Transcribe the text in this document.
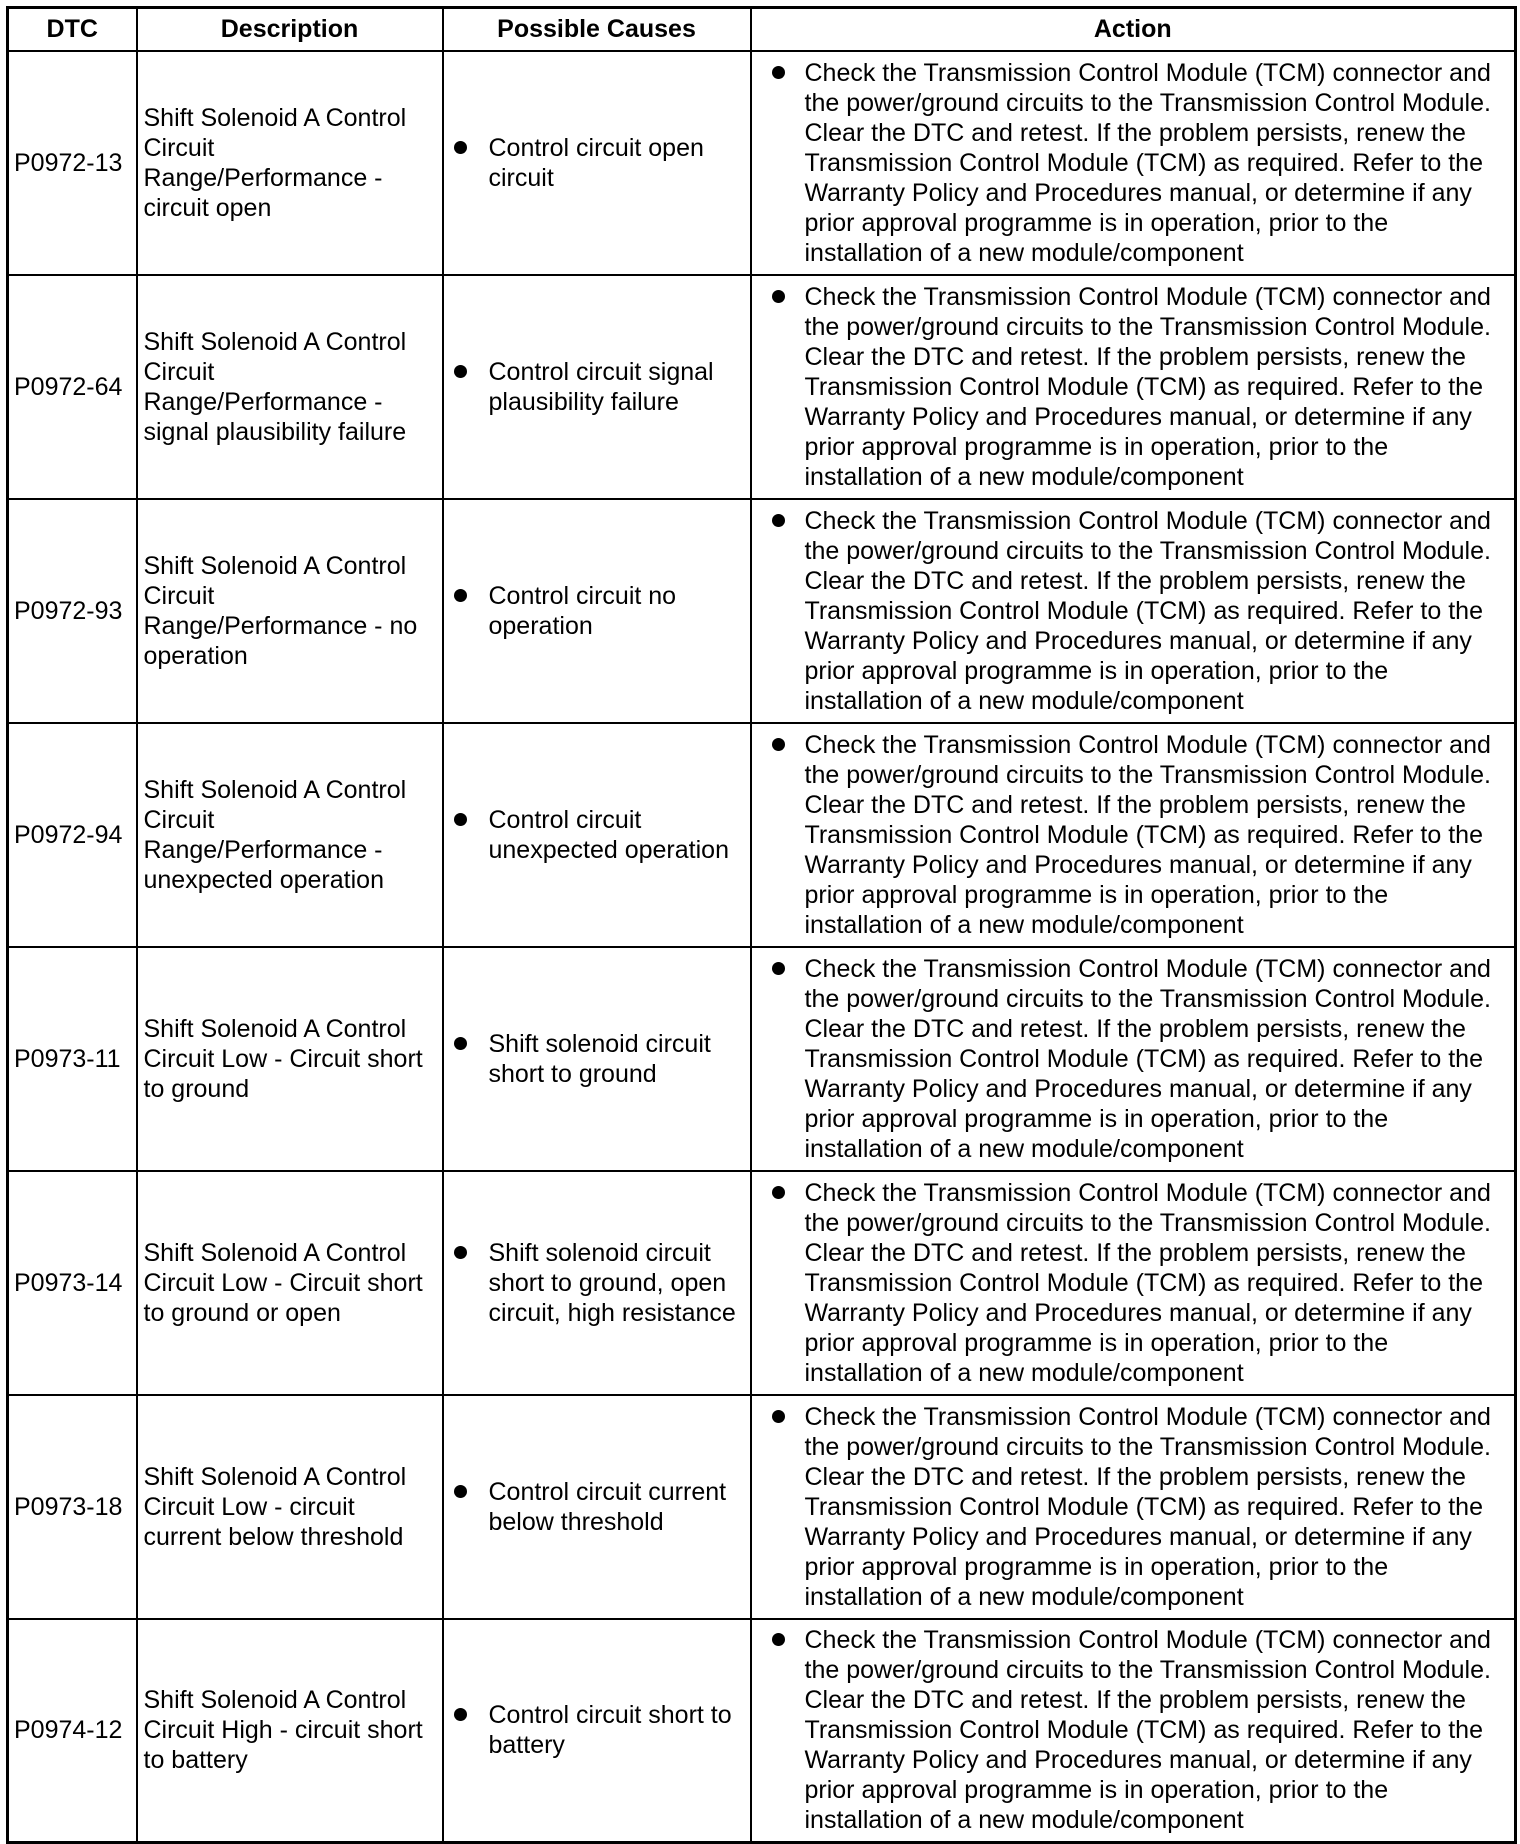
DTC	Description	Possible Causes	Action
P0972-13	Shift Solenoid A Control Circuit Range/Performance - circuit open	Control circuit open circuit	Check the Transmission Control Module (TCM) connector and the power/ground circuits to the Transmission Control Module. Clear the DTC and retest. If the problem persists, renew the Transmission Control Module (TCM) as required. Refer to the Warranty Policy and Procedures manual, or determine if any prior approval programme is in operation, prior to the installation of a new module/component

P0972-64	Shift Solenoid A Control Circuit Range/Performance - signal plausibility failure	Control circuit signal plausibility failure	Check the Transmission Control Module (TCM) connector and the power/ground circuits to the Transmission Control Module. Clear the DTC and retest. If the problem persists, renew the Transmission Control Module (TCM) as required. Refer to the Warranty Policy and Procedures manual, or determine if any prior approval programme is in operation, prior to the installation of a new module/component

P0972-93	Shift Solenoid A Control Circuit Range/Performance - no operation	Control circuit no operation	Check the Transmission Control Module (TCM) connector and the power/ground circuits to the Transmission Control Module. Clear the DTC and retest. If the problem persists, renew the Transmission Control Module (TCM) as required. Refer to the Warranty Policy and Procedures manual, or determine if any prior approval programme is in operation, prior to the installation of a new module/component

P0972-94	Shift Solenoid A Control Circuit Range/Performance - unexpected operation	Control circuit unexpected operation	Check the Transmission Control Module (TCM) connector and the power/ground circuits to the Transmission Control Module. Clear the DTC and retest. If the problem persists, renew the Transmission Control Module (TCM) as required. Refer to the Warranty Policy and Procedures manual, or determine if any prior approval programme is in operation, prior to the installation of a new module/component

P0973-11	Shift Solenoid A Control Circuit Low - Circuit short to ground	Shift solenoid circuit short to ground	Check the Transmission Control Module (TCM) connector and the power/ground circuits to the Transmission Control Module. Clear the DTC and retest. If the problem persists, renew the Transmission Control Module (TCM) as required. Refer to the Warranty Policy and Procedures manual, or determine if any prior approval programme is in operation, prior to the installation of a new module/component

P0973-14	Shift Solenoid A Control Circuit Low - Circuit short to ground or open	Shift solenoid circuit short to ground, open circuit, high resistance	Check the Transmission Control Module (TCM) connector and the power/ground circuits to the Transmission Control Module. Clear the DTC and retest. If the problem persists, renew the Transmission Control Module (TCM) as required. Refer to the Warranty Policy and Procedures manual, or determine if any prior approval programme is in operation, prior to the installation of a new module/component

P0973-18	Shift Solenoid A Control Circuit Low - circuit current below threshold	Control circuit current below threshold	Check the Transmission Control Module (TCM) connector and the power/ground circuits to the Transmission Control Module. Clear the DTC and retest. If the problem persists, renew the Transmission Control Module (TCM) as required. Refer to the Warranty Policy and Procedures manual, or determine if any prior approval programme is in operation, prior to the installation of a new module/component

P0974-12	Shift Solenoid A Control Circuit High - circuit short to battery	Control circuit short to battery	Check the Transmission Control Module (TCM) connector and the power/ground circuits to the Transmission Control Module. Clear the DTC and retest. If the problem persists, renew the Transmission Control Module (TCM) as required. Refer to the Warranty Policy and Procedures manual, or determine if any prior approval programme is in operation, prior to the installation of a new module/component
